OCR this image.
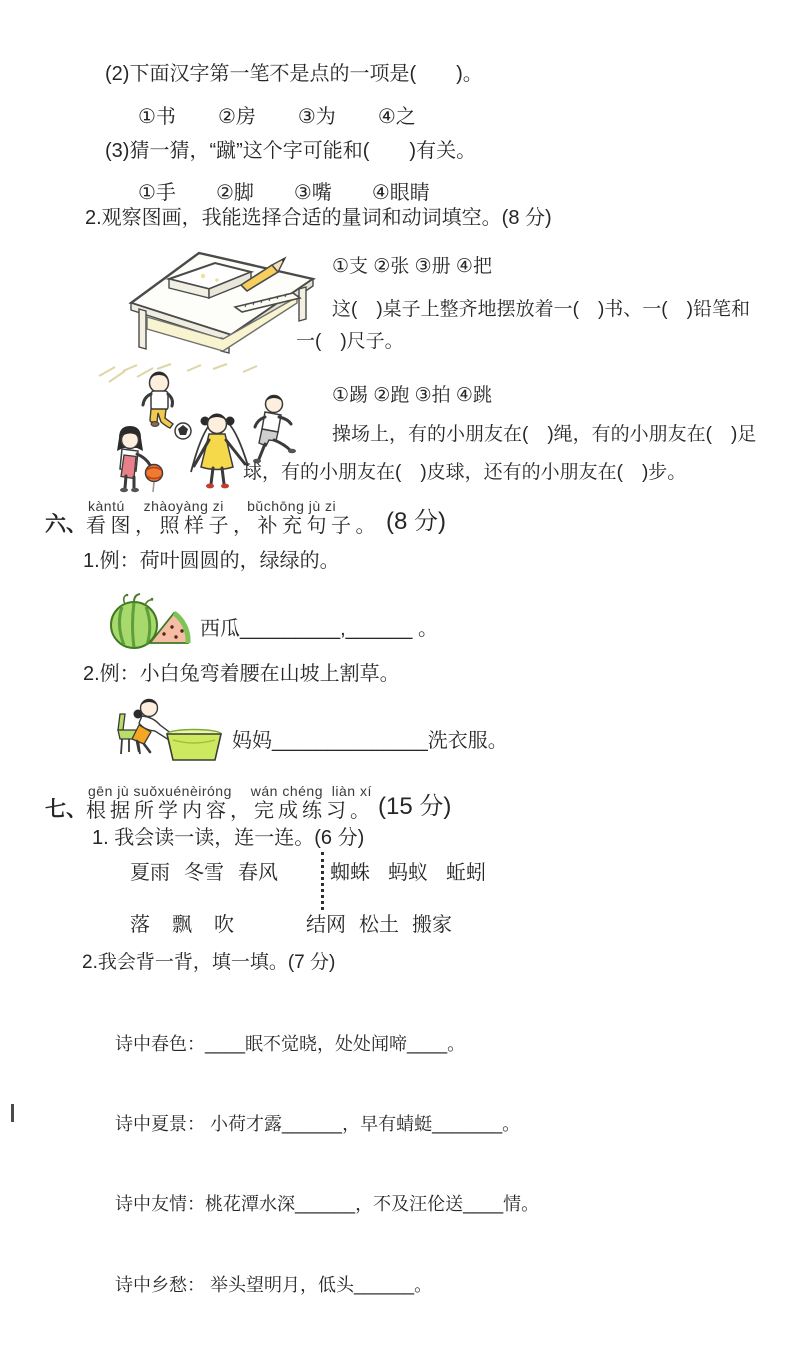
(2)下面汉字第一笔不是点的一项是(　　)。
①书 ②房 ③为 ④之
(3)猜一猜，“蹴”这个字可能和(　　)有关。
①手 ②脚 ③嘴 ④眼睛
2.观察图画，我能选择合适的量词和动词填空。(8 分)
①支 ②张 ③册 ④把
这(　)桌子上整齐地摆放着一(　)书、一(　)铅笔和
一(　)尺子。
①踢 ②跑 ③拍 ④跳
操场上，有的小朋友在(　)绳，有的小朋友在(　)足
球，有的小朋友在(　)皮球，还有的小朋友在(　)步。
kàntú　 zhàoyàng zi　  bǔchōng jù zi
六、 看图，照样子，补充句子。 (8 分)
1.例：荷叶圆圆的，绿绿的。
西瓜_________,______ 。
2.例：小白兔弯着腰在山坡上割草。
妈妈______________洗衣服。
gēn jù suǒxuénèiróng　 wán chéng  liàn xí
七、 根据所学内容，完成练习。 (15 分)
1. 我会读一读，连一连。(6 分)
夏雨 冬雪 春风	蜘蛛 蚂蚁 蚯蚓
落 飘 吹	结网 松土 搬家
2.我会背一背，填一填。(7 分)

诗中春色：____眠不觉晓，处处闻啼____。

诗中夏景： 小荷才露______，早有蜻蜓_______。

诗中友情：桃花潭水深______，不及汪伦送____情。

诗中乡愁： 举头望明月，低头______。
